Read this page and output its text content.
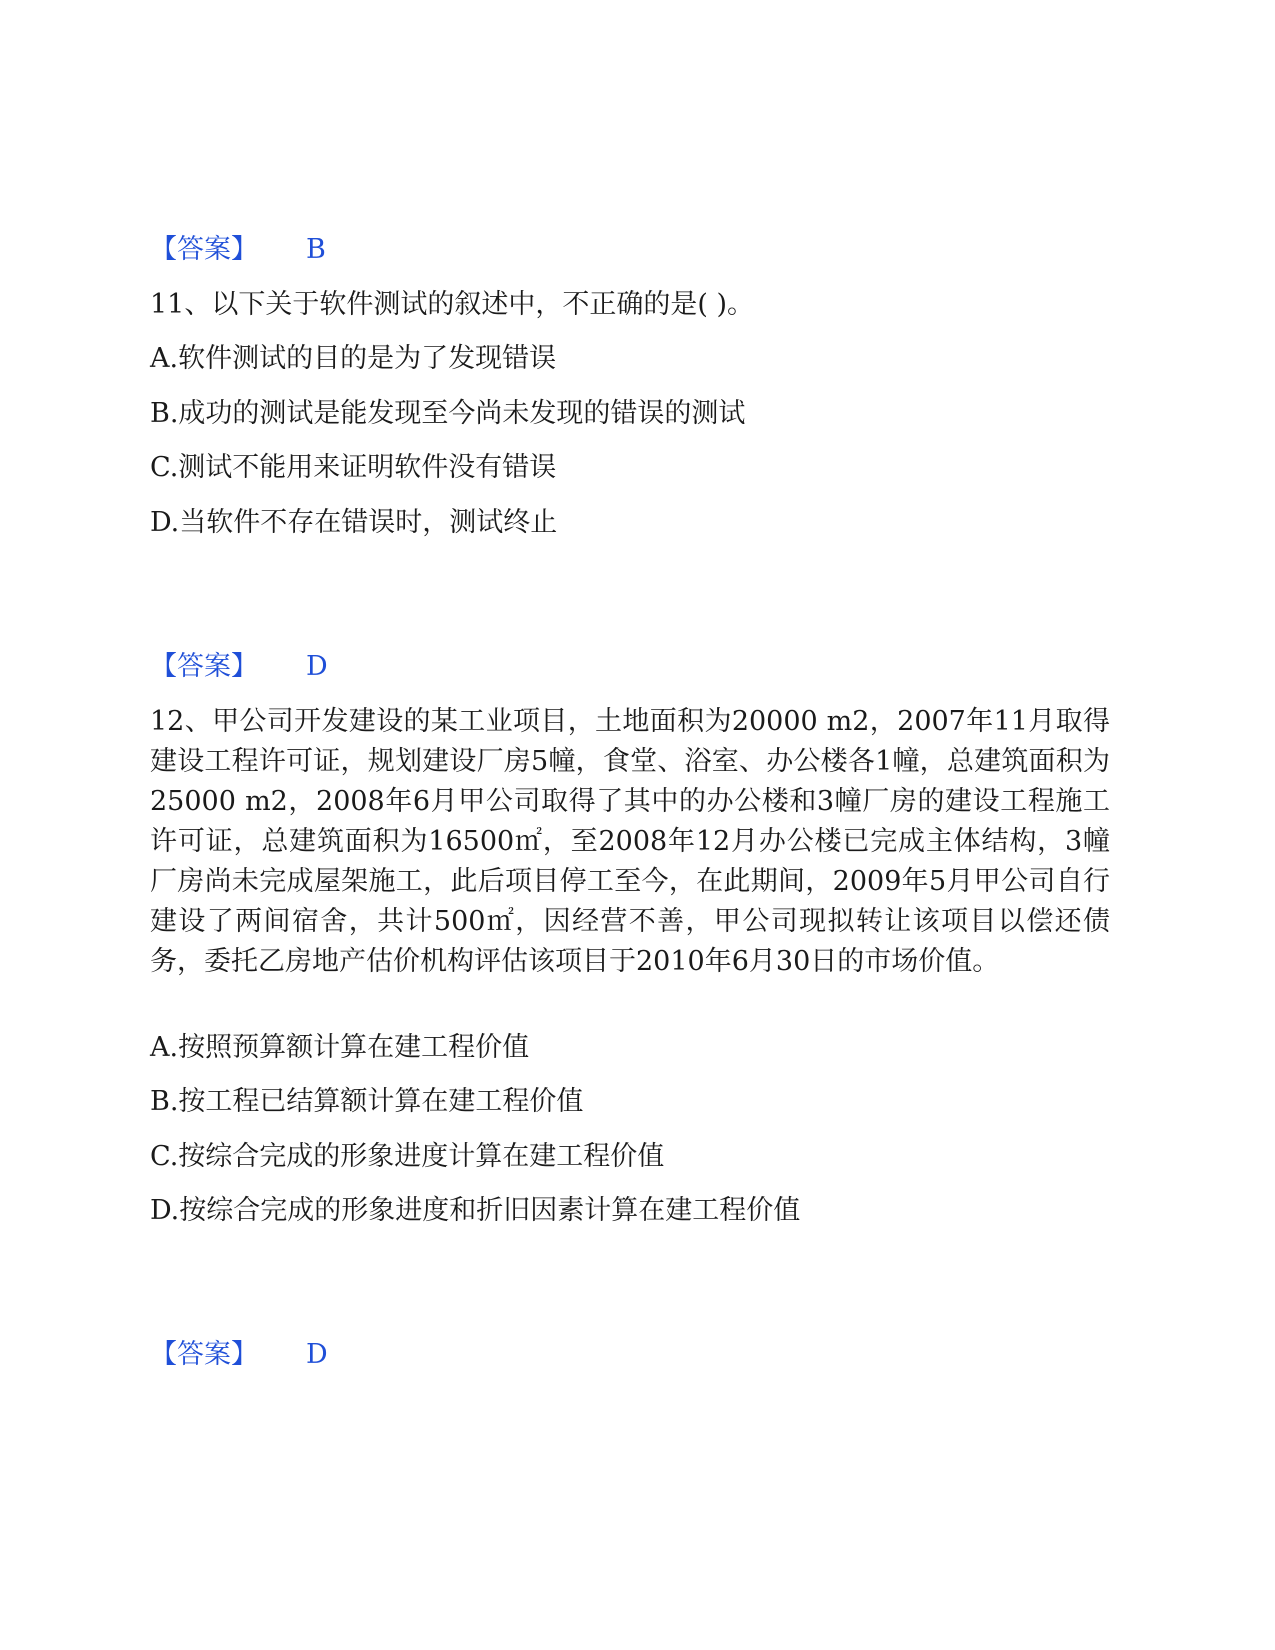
【答案】 B
11、以下关于软件测试的叙述中，不正确的是( )。
A.软件测试的目的是为了发现错误
B.成功的测试是能发现至今尚未发现的错误的测试
C.测试不能用来证明软件没有错误
D.当软件不存在错误时，测试终止
【答案】 D
12、甲公司开发建设的某工业项目，土地面积为20000 m2，2007年11月取得建设工程许可证，规划建设厂房5幢，食堂、浴室、办公楼各1幢，总建筑面积为25000 m2，2008年6月甲公司取得了其中的办公楼和3幢厂房的建设工程施工许可证，总建筑面积为16500㎡，至2008年12月办公楼已完成主体结构，3幢厂房尚未完成屋架施工，此后项目停工至今，在此期间，2009年5月甲公司自行建设了两间宿舍，共计500㎡，因经营不善，甲公司现拟转让该项目以偿还债务，委托乙房地产估价机构评估该项目于2010年6月30日的市场价值。
A.按照预算额计算在建工程价值
B.按工程已结算额计算在建工程价值
C.按综合完成的形象进度计算在建工程价值
D.按综合完成的形象进度和折旧因素计算在建工程价值
【答案】 D
